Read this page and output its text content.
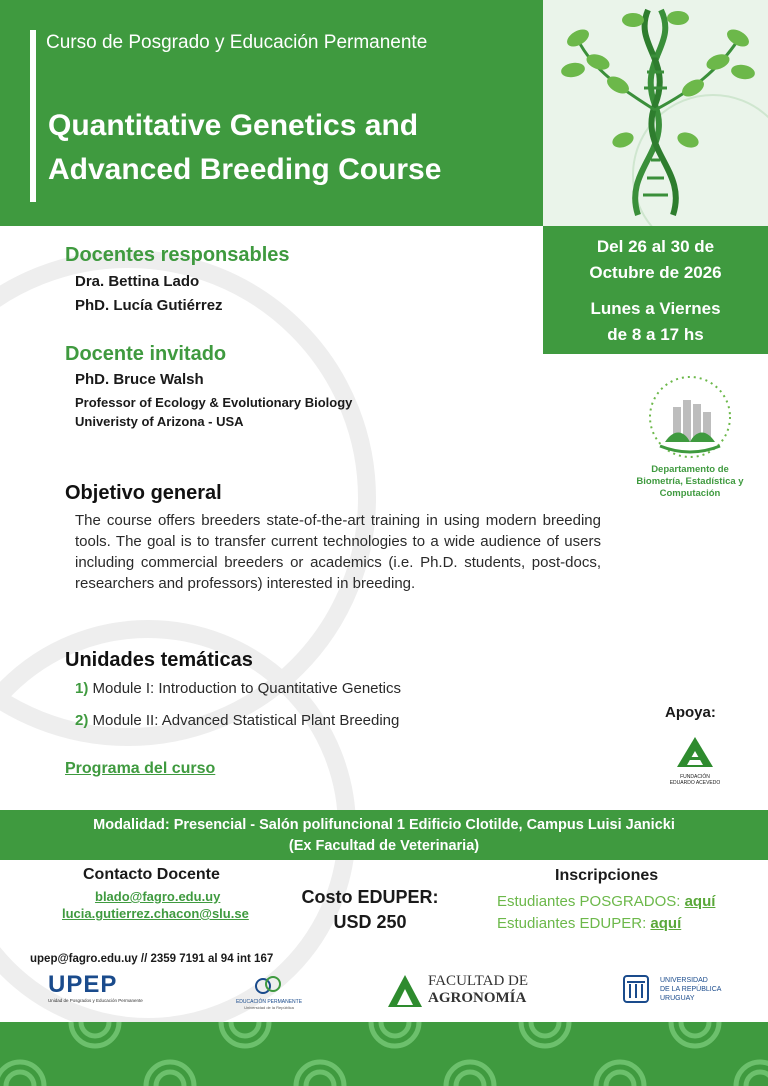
Curso de Posgrado y Educación Permanente
Quantitative Genetics and Advanced Breeding Course
Del 26 al 30 de Octubre de 2026
Lunes a Viernes de 8 a 17 hs
Docentes responsables
Dra. Bettina Lado
PhD. Lucía Gutiérrez
Docente invitado
PhD. Bruce Walsh
Professor of Ecology & Evolutionary Biology
Univeristy of Arizona - USA
Departamento de Biometría, Estadística y Computación
Objetivo general
The course offers breeders state-of-the-art training in using modern breeding tools. The goal is to transfer current technologies to a wide audience of users including commercial breeders or academics (i.e. Ph.D. students, post-docs, researchers and professors) interested in breeding.
Unidades temáticas
1) Module I: Introduction to Quantitative Genetics
2) Module II: Advanced Statistical Plant Breeding
Programa del curso
Apoya:
FUNDACIÓN
EDUARDO ACEVEDO
Modalidad: Presencial - Salón polifuncional 1 Edificio Clotilde, Campus Luisi Janicki
(Ex Facultad de Veterinaria)
Contacto Docente
blado@fagro.edu.uy
lucia.gutierrez.chacon@slu.se
Costo EDUPER:
USD 250
Inscripciones
Estudiantes POSGRADOS: aquí
Estudiantes EDUPER: aquí
upep@fagro.edu.uy // 2359 7191 al 94 int 167
UPEP
Unidad de Posgrados y Educación Permanente	EDUCACIÓN PERMANENTE
Universidad de la República
FACULTAD DE
AGRONOMÍA
UNIVERSIDAD
DE LA REPÚBLICA
URUGUAY
